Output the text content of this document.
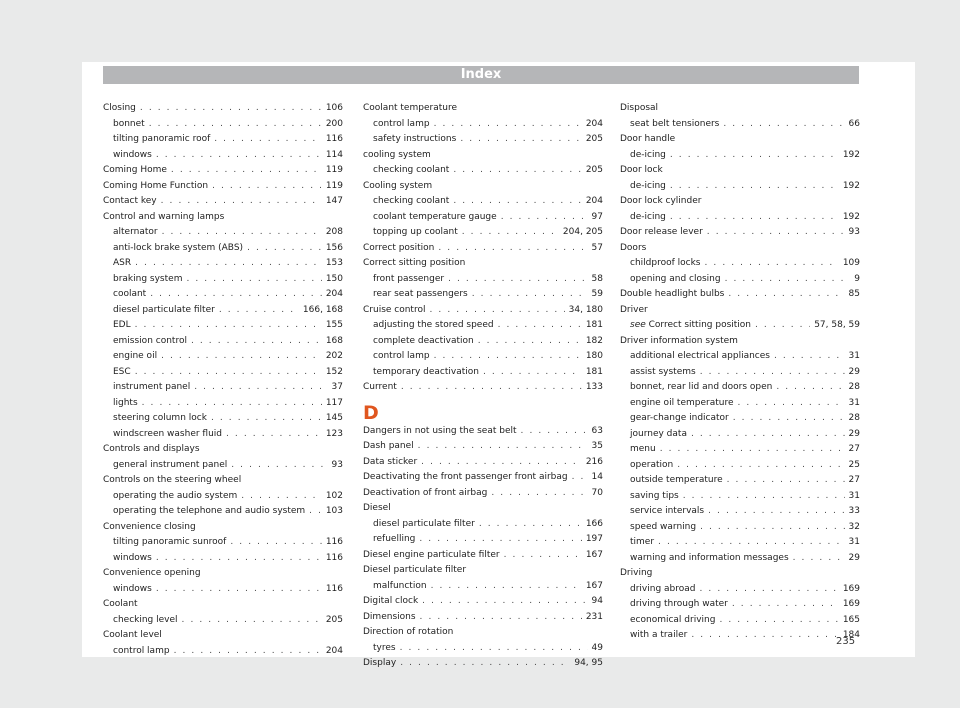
Index
Closing . . .	106
bonnet . . .	200
tilting panoramic roof . . .	116
windows . . .	114
Coming Home . . .	119
Coming Home Function . . .	119
Contact key . . .	147
Control and warning lamps
alternator . . .	208
anti-lock brake system (ABS) . . .	156
ASR . . .	153
braking system . . .	150
coolant . . .	204
diesel particulate filter . . .	166, 168
EDL . . .	155
emission control . . .	168
engine oil . . .	202
ESC . . .	152
instrument panel . . .	37
lights . . .	117
steering column lock . . .	145
windscreen washer fluid . . .	123
Controls and displays
general instrument panel . . .	93
Controls on the steering wheel
operating the audio system . . .	102
operating the telephone and audio system . . . 103
Convenience closing
tilting panoramic sunroof . . .	116
windows . . .	116
Convenience opening
windows . . .	116
Coolant
checking level . . .	205
Coolant level
control lamp . . .	204
Coolant temperature
control lamp . . .	204
safety instructions . . .	205
cooling system
checking coolant . . .	205
Cooling system
checking coolant . . .	204
coolant temperature gauge . . .	97
topping up coolant . . .	204, 205
Correct position . . .	57
Correct sitting position
front passenger . . .	58
rear seat passengers . . .	59
Cruise control . . .	34, 180
adjusting the stored speed . . .	181
complete deactivation . . .	182
control lamp . . .	180
temporary deactivation . . .	181
Current . . .	133
D
Dangers in not using the seat belt . . .	63
Dash panel . . .	35
Data sticker . . .	216
Deactivating the front passenger front airbag . . .	14
Deactivation of front airbag . . .	70
Diesel
diesel particulate filter . . .	166
refuelling . . .	197
Diesel engine particulate filter . . .	167
Diesel particulate filter
malfunction . . .	167
Digital clock . . .	94
Dimensions . . .	231
Direction of rotation
tyres . . .	49
Display . . .	94, 95
Disposal
seat belt tensioners . . .	66
Door handle
de-icing . . .	192
Door lock
de-icing . . .	192
Door lock cylinder
de-icing . . .	192
Door release lever . . .	93
Doors
childproof locks . . .	109
opening and closing . . .	9
Double headlight bulbs . . .	85
Driver
see Correct sitting position . . .	57, 58, 59
Driver information system
additional electrical appliances . . .	31
assist systems . . .	29
bonnet, rear lid and doors open . . .	28
engine oil temperature . . .	31
gear-change indicator . . .	28
journey data . . .	29
menu . . .	27
operation . . .	25
outside temperature . . .	27
saving tips . . .	31
service intervals . . .	33
speed warning . . .	32
timer . . .	31
warning and information messages . . .	29
Driving
driving abroad . . .	169
driving through water . . .	169
economical driving . . .	165
with a trailer . . .	184
235
